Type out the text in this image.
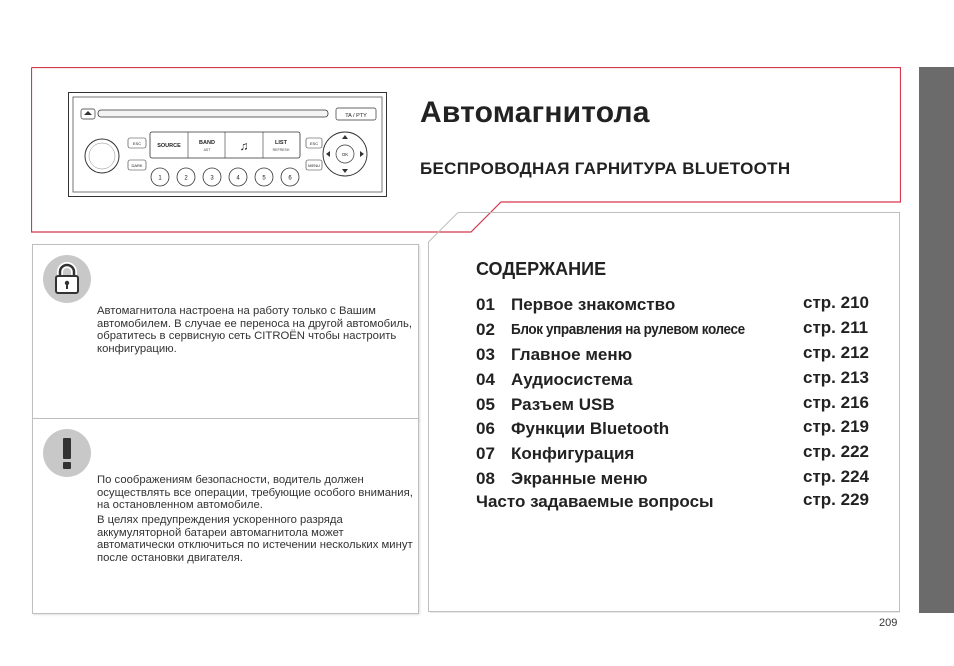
TA / PTY
ESC
DARK
SOURCE	BAND
AST ♫	LIST
REFRESH
ESC
MENU
OK
1	2	3	4	5	6
Автомагнитола
БЕСПРОВОДНАЯ ГАРНИТУРА BLUETOOTH
Автомагнитола настроена на работу только с Вашим автомобилем. В случае ее переноса на другой автомобиль, обратитесь в сервисную сеть CITROËN чтобы настроить конфигурацию.
По соображениям безопасности, водитель должен осуществлять все операции, требующие особого внимания, на остановленном автомобиле.
В целях предупреждения ускоренного разряда аккумуляторной батареи автомагнитола может автоматически отключиться по истечении нескольких минут после остановки двигателя.
СОДЕРЖАНИЕ
01 Первое знакомство	стр. 210
02 Блок управления на рулевом колесе	стр. 211
03 Главное меню	стр. 212
04 Аудиосистема	стр. 213
05 Разъем USB	стр. 216
06 Функции Bluetooth	стр. 219
07 Конфигурация	стр. 222
08 Экранные меню	стр. 224
Часто задаваемые вопросы	стр. 229
209
